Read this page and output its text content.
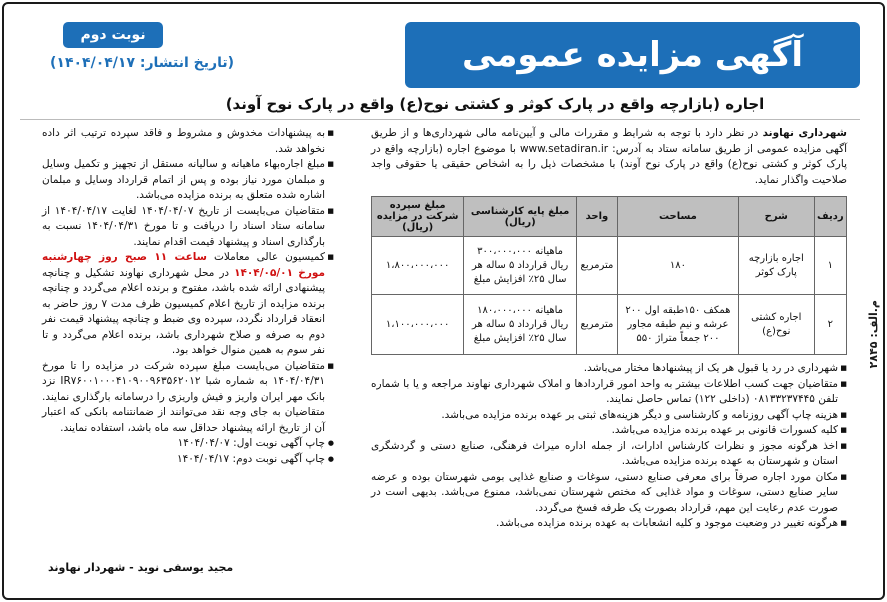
م.الف: ۲۸۴۵
نوبت دوم
(تاریخ انتشار: ۱۴۰۴/۰۴/۱۷)	آگهی مزایده عمومی
اجاره (بازارچه واقع در پارک کوثر و کشتی نوح(ع) واقع در پارک نوح آوند)
شهرداری نهاوند در نظر دارد با توجه به شرایط و مقررات مالی و آیین‌نامه مالی شهرداری‌ها و از طریق آگهی مزایده عمومی از طریق سامانه ستاد به آدرس: www.setadiran.ir با موضوع اجاره (بازارچه واقع در پارک کوثر و کشتی نوح(ع) واقع در پارک نوح آوند) با مشخصات ذیل را به اشخاص حقیقی یا حقوقی واجد صلاحیت واگذار نماید.
ردیف	شرح	مساحت	واحد	مبلغ پایه کارشناسی (ریال)	مبلغ سپرده شرکت در مزایده (ریال)
۱	اجاره بازارچه پارک کوثر	۱۸۰	مترمربع	ماهیانه ۳۰۰،۰۰۰،۰۰۰ ریال قرارداد ۵ ساله هر سال ۲۵٪ افزایش مبلغ	۱،۸۰۰،۰۰۰،۰۰۰
۲	اجاره کشتی نوح(ع)	همکف ۱۵۰طبقه اول ۲۰۰ عرشه و نیم طبقه مجاور ۲۰۰ جمعاً متراژ ۵۵۰	مترمربع	ماهیانه ۱۸۰،۰۰۰،۰۰۰ ریال قرارداد ۵ ساله هر سال ۲۵٪ افزایش مبلغ	۱،۱۰۰،۰۰۰،۰۰۰
■ شهرداری در رد یا قبول هر یک از پیشنهادها مختار می‌باشد.
■ متقاضیان جهت کسب اطلاعات بیشتر به واحد امور قراردادها و املاک شهرداری نهاوند مراجعه و یا با شماره تلفن ۰۸۱۳۳۲۳۷۴۴۵ (داخلی ۱۲۲) تماس حاصل نمایند.
■ هزینه چاپ آگهی روزنامه و کارشناسی و دیگر هزینه‌های ثبتی بر عهده برنده مزایده می‌باشد.
■ کلیه کسورات قانونی بر عهده برنده مزایده می‌باشد.
■ اخذ هرگونه مجوز و نظرات کارشناس ادارات، از جمله اداره میراث فرهنگی، صنایع دستی و گردشگری استان و شهرستان به عهده برنده مزایده می‌باشد.
■ مکان مورد اجاره صرفاً برای معرفی صنایع دستی، سوغات و صنایع غذایی بومی شهرستان بوده و عرضه سایر صنایع دستی، سوغات و مواد غذایی که مختص شهرستان نمی‌باشد، ممنوع می‌باشد. بدیهی است در صورت عدم رعایت این مهم، قرارداد بصورت یک طرفه فسخ می‌گردد.
■ هرگونه تغییر در وضعیت موجود و کلیه انشعابات به عهده برنده مزایده می‌باشد.
■ به پیشنهادات مخدوش و مشروط و فاقد سپرده ترتیب اثر داده نخواهد شد.
■ مبلغ اجاره‌بهاء ماهیانه و سالیانه مستقل از تجهیز و تکمیل وسایل و مبلمان مورد نیاز بوده و پس از اتمام قرارداد وسایل و مبلمان اشاره شده متعلق به برنده مزایده می‌باشد.
■ متقاضیان می‌بایست از تاریخ ۱۴۰۴/۰۴/۰۷ لغایت ۱۴۰۴/۰۴/۱۷ از سامانه ستاد اسناد را دریافت و تا مورخ ۱۴۰۴/۰۴/۳۱ نسبت به بارگذاری اسناد و پیشنهاد قیمت اقدام نمایند.
■ کمیسیون عالی معاملات ساعت ۱۱ صبح روز چهارشنبه مورخ ۱۴۰۴/۰۵/۰۱ در محل شهرداری نهاوند تشکیل و چنانچه پیشنهادی ارائه شده باشد، مفتوح و برنده اعلام می‌گردد و چنانچه برنده مزایده از تاریخ اعلام کمیسیون ظرف مدت ۷ روز حاضر به انعقاد قرارداد نگردد، سپرده وی ضبط و چنانچه پیشنهاد قیمت نفر دوم به صرفه و صلاح شهرداری باشد، برنده اعلام می‌گردد و تا نفر سوم به همین منوال خواهد بود.
■ متقاضیان می‌بایست مبلغ سپرده شرکت در مزایده را تا مورخ ۱۴۰۴/۰۴/۳۱ به شماره شبا IR۷۶۰۰۱۰۰۰۴۱۰۹۰۰۹۶۳۵۶۲۰۱۲ نزد بانک مهر ایران واریز و فیش واریزی را درسامانه بارگذاری نمایند. متقاضیان به جای وجه نقد می‌توانند از ضمانتنامه بانکی که اعتبار آن از تاریخ ارائه پیشنهاد حداقل سه ماه باشد، استفاده نمایند.
● چاپ آگهی نوبت اول: ۱۴۰۴/۰۴/۰۷
● چاپ آگهی نوبت دوم: ۱۴۰۴/۰۴/۱۷
مجید یوسفی نوید - شهردار نهاوند
